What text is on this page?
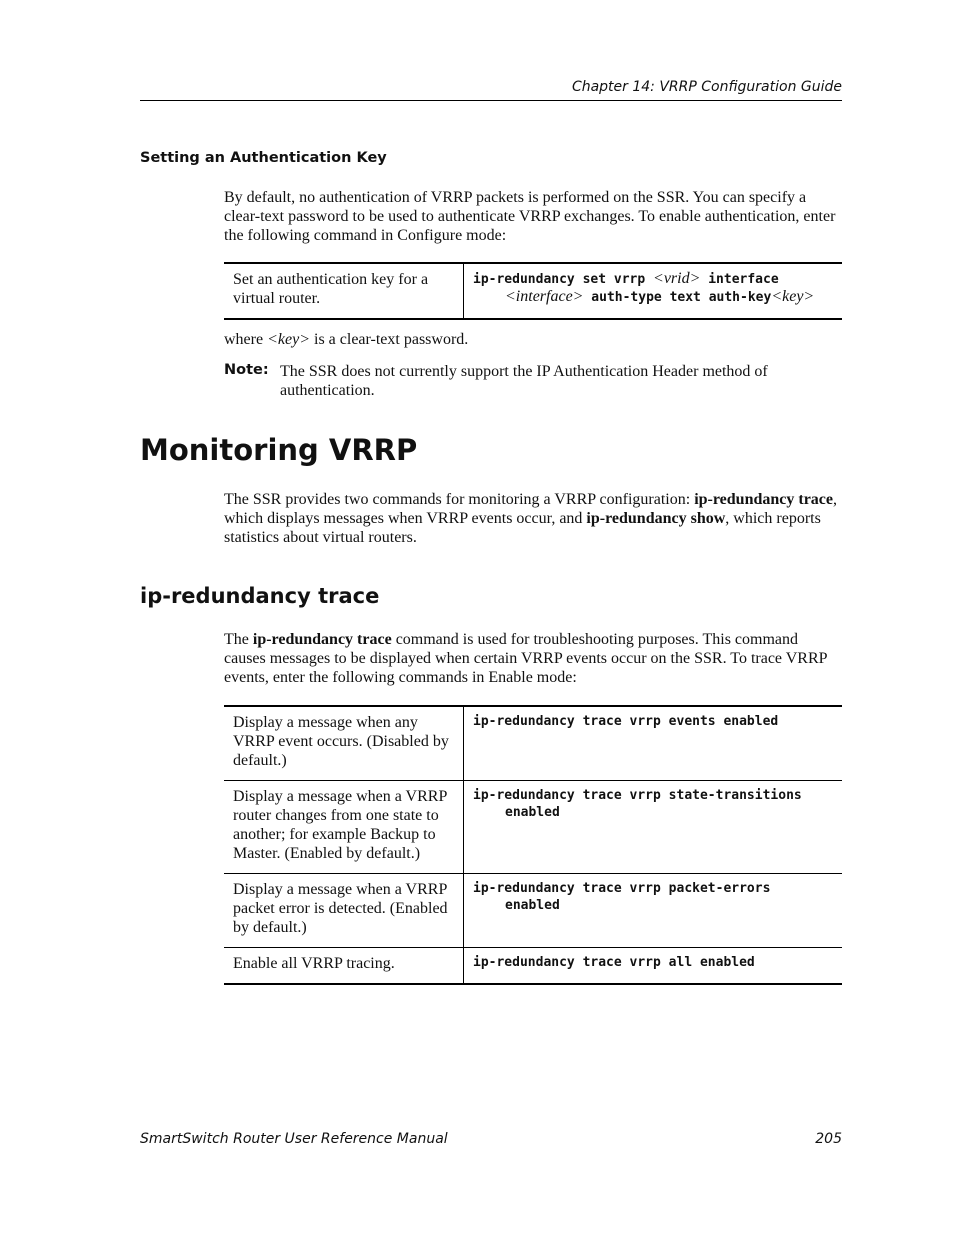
Chapter 14: VRRP Configuration Guide
Setting an Authentication Key
By default, no authentication of VRRP packets is performed on the SSR. You can specify a clear-text password to be used to authenticate VRRP exchanges. To enable authentication, enter the following command in Configure mode:
Set an authentication key for a virtual router.	ip-redundancy set vrrp <vrid> interface
<interface> auth-type text auth-key<key>
where <key> is a clear-text password.
Note: The SSR does not currently support the IP Authentication Header method of authentication.
Monitoring VRRP
The SSR provides two commands for monitoring a VRRP configuration: ip-redundancy trace, which displays messages when VRRP events occur, and ip-redundancy show, which reports statistics about virtual routers.
ip-redundancy trace
The ip-redundancy trace command is used for troubleshooting purposes. This command causes messages to be displayed when certain VRRP events occur on the SSR. To trace VRRP events, enter the following commands in Enable mode:
Display a message when any VRRP event occurs. (Disabled by default.)	ip-redundancy trace vrrp events enabled
Display a message when a VRRP router changes from one state to another; for example Backup to Master. (Enabled by default.)	ip-redundancy trace vrrp state-transitions
enabled

Display a message when a VRRP packet error is detected. (Enabled by default.)	ip-redundancy trace vrrp packet-errors
enabled

Enable all VRRP tracing.	ip-redundancy trace vrrp all enabled
SmartSwitch Router User Reference Manual	205
